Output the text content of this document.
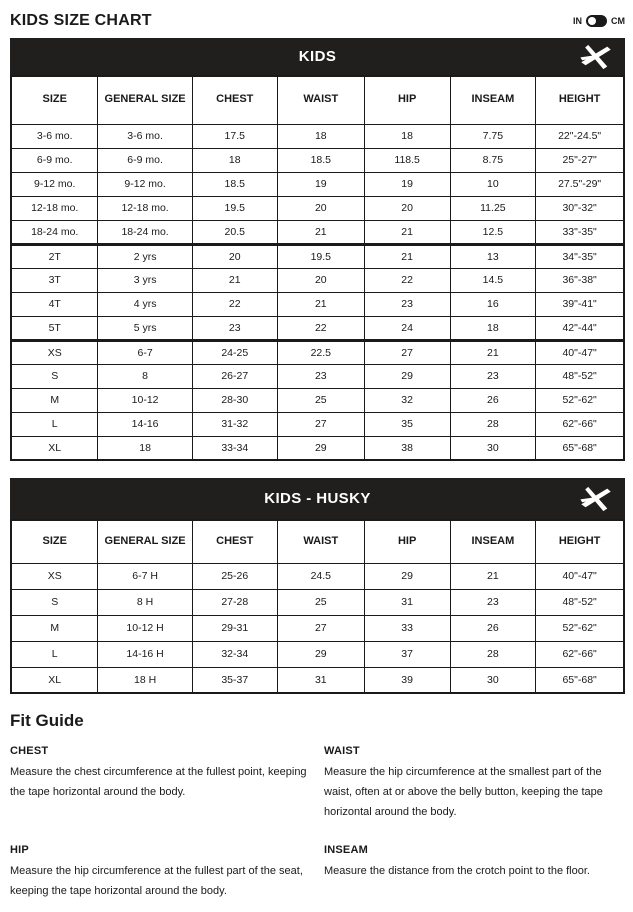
KIDS SIZE CHART	IN	CM
KIDS
SIZE	GENERAL SIZE	CHEST	WAIST	HIP	INSEAM	HEIGHT
3-6 mo.	3-6 mo.	17.5	18	18	7.75	22"-24.5"
6-9 mo.	6-9 mo.	18	18.5	118.5	8.75	25"-27"
9-12 mo.	9-12 mo.	18.5	19	19	10	27.5"-29"
12-18 mo.	12-18 mo.	19.5	20	20	11.25	30"-32"
18-24 mo.	18-24 mo.	20.5	21	21	12.5	33"-35"
2T	2 yrs	20	19.5	21	13	34"-35"
3T	3 yrs	21	20	22	14.5	36"-38"
4T	4 yrs	22	21	23	16	39"-41"
5T	5 yrs	23	22	24	18	42"-44"
XS	6-7	24-25	22.5	27	21	40"-47"
S	8	26-27	23	29	23	48"-52"
M	10-12	28-30	25	32	26	52"-62"
L	14-16	31-32	27	35	28	62"-66"
XL	18	33-34	29	38	30	65"-68"
KIDS - HUSKY
SIZE	GENERAL SIZE	CHEST	WAIST	HIP	INSEAM	HEIGHT
XS	6-7 H	25-26	24.5	29	21	40"-47"
S	8 H	27-28	25	31	23	48"-52"
M	10-12 H	29-31	27	33	26	52"-62"
L	14-16 H	32-34	29	37	28	62"-66"
XL	18 H	35-37	31	39	30	65"-68"
Fit Guide
CHEST

Measure the chest circumference at the fullest point, keeping the tape horizontal around the body.

WAIST

Measure the hip circumference at the smallest part of the waist, often at or above the belly button, keeping the tape horizontal around the body.

HIP

Measure the hip circumference at the fullest part of the seat, keeping the tape horizontal around the body.

INSEAM

Measure the distance from the crotch point to the floor.
